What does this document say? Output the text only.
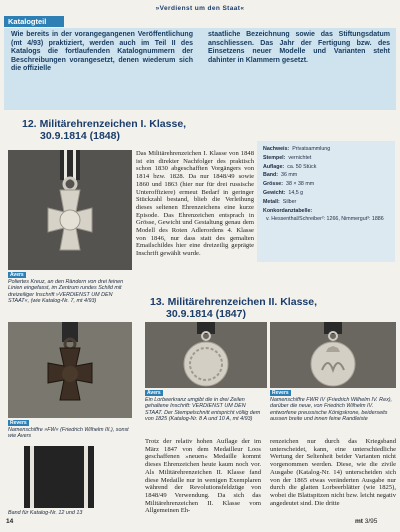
»Verdienst um den Staat«
Katalogteil
Wie bereits in der vorangegangenen Veröffentlichung (mt 4/93) praktiziert, werden auch im Teil II des Katalogs die fortlaufenden Katalognummern der Beschreibungen vorangesetzt, denen wiederum sich die offizielle
staatliche Bezeichnung sowie das Stiftungsdatum anschliessen. Das Jahr der Fertigung bzw. des Einsetzens neuer Modelle und Varianten steht dahinter in Klammern gesetzt.
12. Militärehrenzeichen I. Klasse,
30.9.1814 (1848)
Das Militärehrenzeichen I. Klasse von 1848 ist ein direkter Nachfolger des praktisch schon 1830 abgeschafften Vorgängers von 1814 bzw. 1828. Da nur 1848/49 sowie 1860 und 1863 (hier nur für drei russische Unteroffiziere) ermeut Bedarf in geringer Stückzahl bestand, blieb die Verleihung dieses seltenen Ehrenzeichens eine kurze Episode. Das Ehrenzeichen entsprach in Grösse, Gewicht und Gestaltung genau dem Modell des Roten Adlerordens 4. Klasse von 1846, nur dass statt des gemalten Emailschildes hier eine dreizeilig geprägte Inschrift gewählt wurde.
Nachweis: Privatsammlung
Stempel: vernichtet
Auflage: ca. 50 Stück
Band: 36 mm
Grösse: 38 × 38 mm
Gewicht: 14,5 g
Metall: Silber
Konkordanztabelle:
v. Hessenthal/Schreiber²: 1266, Nimmergut³: 1886
Avers
Poliertes Kreuz, an den Rändern von drei feinen Linien eingefasst, im Zentrum rundes Schild mit dreizeiliger Inschrift »VERDIENST UM DEN STAAT«, (wie Katalog-Nr. 7, mt 4/93)	13. Militärehrenzeichen II. Klasse,
30.9.1814 (1847)
Revers
Namenschiffre »FW« (Friedrich Wilhelm III.), sonst wie Avers
Band für Katalog-Nr. 12 und 13
Avers
Ein Lorbeerkranz umgibt die in drei Zeilen gehaltene Inschrift: VERDIENST UM DEN STAAT. Der Stempelschnitt entspricht völlig dem von 1825 (Katalog-Nr. 8 A und 10 A, mt 4/93)
Revers
Namenschiffre FWR IV (Friedrich Wilhelm IV. Rex), darüber die neue, von Friedrich Wilhelm IV. entworfene preussische Königskrone, beiderseits aussen breite und innen feine Randleiste
Trotz der relativ hohen Auflage der im März 1847 von dem Medailleur Loos geschaffenen »neuen« Medaille kommt dieses Ehrenzeichen heute kaum noch vor. Als Militärehrenzeichen II. Klasse fand diese Medaille nur in wenigen Exemplaren während der Revolutionsfeldzüge von 1848/49 Verwendung. Da sich das Militärehrenzeichen II. Klasse vom Allgemeinen Eh-
renzeichen nur durch das Kriegsband unterscheidet, kann, eine unterschiedliche Wertung der Seltenheit beider Varianten nicht vorgenommen werden. Diese, wie die zivile Ausgabe (Katalog-Nr. 14) unterscheiden sich von der 1865 etwas veränderten Ausgabe nur durch die glatten Lorbeerblätter (wie 1825), wobei die Blattspitzen nicht bzw. leicht negativ angedeutet sind. Die dritte
14	mt 3/95
